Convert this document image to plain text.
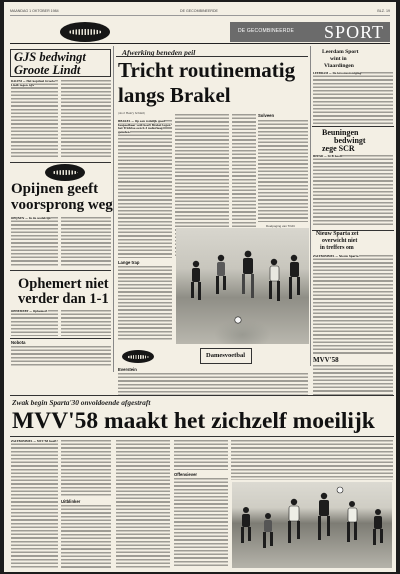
MAANDAG 1 OKTOBER 1984	DE GECOMBINEERDE	BLZ. 19
DE GECOMBINEERDE SPORT
GJS bedwingt
Groote Lindt
DALEM — Het kopduel Groote Lindt tegen GJS
Opijnen geeft
voorsprong weg
OPIJNEN — In de wedstrijd
Ophemert niet
verder dan 1-1
OPHEMERT — Ophemert
Nobota
Afwerking beneden peil
Tricht routinematig
langs Brakel
(door Henry Schmit)
BRAKEL — Op een redelijk goed bespeelbaar veld heeft Brakel tegen het Trichtse een 0-3 nederlaag geleden.
Solveen
Doelpoging van Tricht
Lange trap
Leerdam Sport
wint in
Vlaardingen
LEERDAM — De kroonvereniging
Beuningen
bedwingt
zege SCR
BEESD — SCR heeft
Nieuw Sparta zet
overwicht niet
in treffers om
ZALTBOMMEL — Nieuw Sparta
Damesvoetbal
MVV'58
Everstein
Zwak begin Sparta'30 onvoldoende afgestraft
MVV'58 maakt het zichzelf moeilijk
ZALTBOMMEL — MVV'58 heeft
Uitblinker
Offensiever
